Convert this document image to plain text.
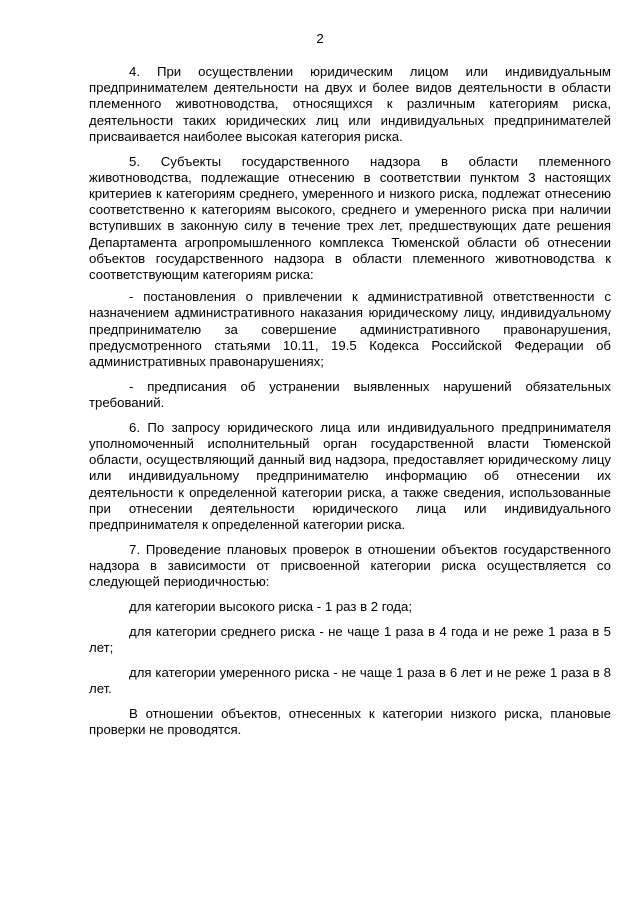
2

4. При осуществлении юридическим лицом или индивидуальным предпринимателем деятельности на двух и более видов деятельности в области племенного животноводства, относящихся к различным категориям риска, деятельности таких юридических лиц или индивидуальных предпринимателей присваивается наиболее высокая категория риска.

5. Субъекты государственного надзора в области племенного животноводства, подлежащие отнесению в соответствии пунктом 3 настоящих критериев к категориям среднего, умеренного и низкого риска, подлежат отнесению соответственно к категориям высокого, среднего и умеренного риска при наличии вступивших в законную силу в течение трех лет, предшествующих дате решения Департамента агропромышленного комплекса Тюменской области об отнесении объектов государственного надзора в области племенного животноводства к соответствующим категориям риска:

- постановления о привлечении к административной ответственности с назначением административного наказания юридическому лицу, индивидуальному предпринимателю за совершение административного правонарушения, предусмотренного статьями 10.11, 19.5 Кодекса Российской Федерации об административных правонарушениях;

- предписания об устранении выявленных нарушений обязательных требований.

6. По запросу юридического лица или индивидуального предпринимателя уполномоченный исполнительный орган государственной власти Тюменской области, осуществляющий данный вид надзора, предоставляет юридическому лицу или индивидуальному предпринимателю информацию об отнесении их деятельности к определенной категории риска, а также сведения, использованные при отнесении деятельности юридического лица или индивидуального предпринимателя к определенной категории риска.

7. Проведение плановых проверок в отношении объектов государственного надзора в зависимости от присвоенной категории риска осуществляется со следующей периодичностью:

для категории высокого риска - 1 раз в 2 года;

для категории среднего риска - не чаще 1 раза в 4 года и не реже 1 раза в 5 лет;

для категории умеренного риска - не чаще 1 раза в 6 лет и не реже 1 раза в 8 лет.

В отношении объектов, отнесенных к категории низкого риска, плановые проверки не проводятся.
